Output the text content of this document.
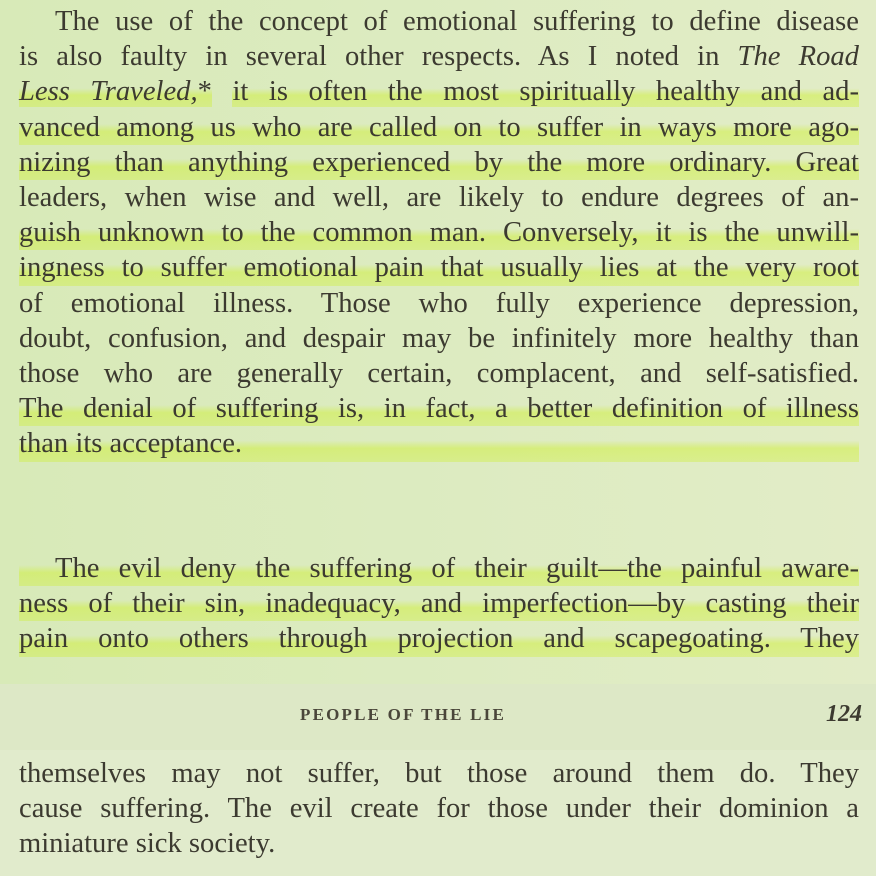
The use of the concept of emotional suffering to define disease
is also faulty in several other respects. As I noted in The Road
Less Traveled,* it is often the most spiritually healthy and ad-
vanced among us who are called on to suffer in ways more ago-
nizing than anything experienced by the more ordinary. Great
leaders, when wise and well, are likely to endure degrees of an-
guish unknown to the common man. Conversely, it is the unwill-
ingness to suffer emotional pain that usually lies at the very root
of emotional illness. Those who fully experience depression,
doubt, confusion, and despair may be infinitely more healthy than
those who are generally certain, complacent, and self-satisfied.
The denial of suffering is, in fact, a better definition of illness
than its acceptance.
The evil deny the suffering of their guilt—the painful aware-
ness of their sin, inadequacy, and imperfection—by casting their
pain onto others through projection and scapegoating. They
PEOPLE OF THE LIE	124
themselves may not suffer, but those around them do. They
cause suffering. The evil create for those under their dominion a
miniature sick society.
